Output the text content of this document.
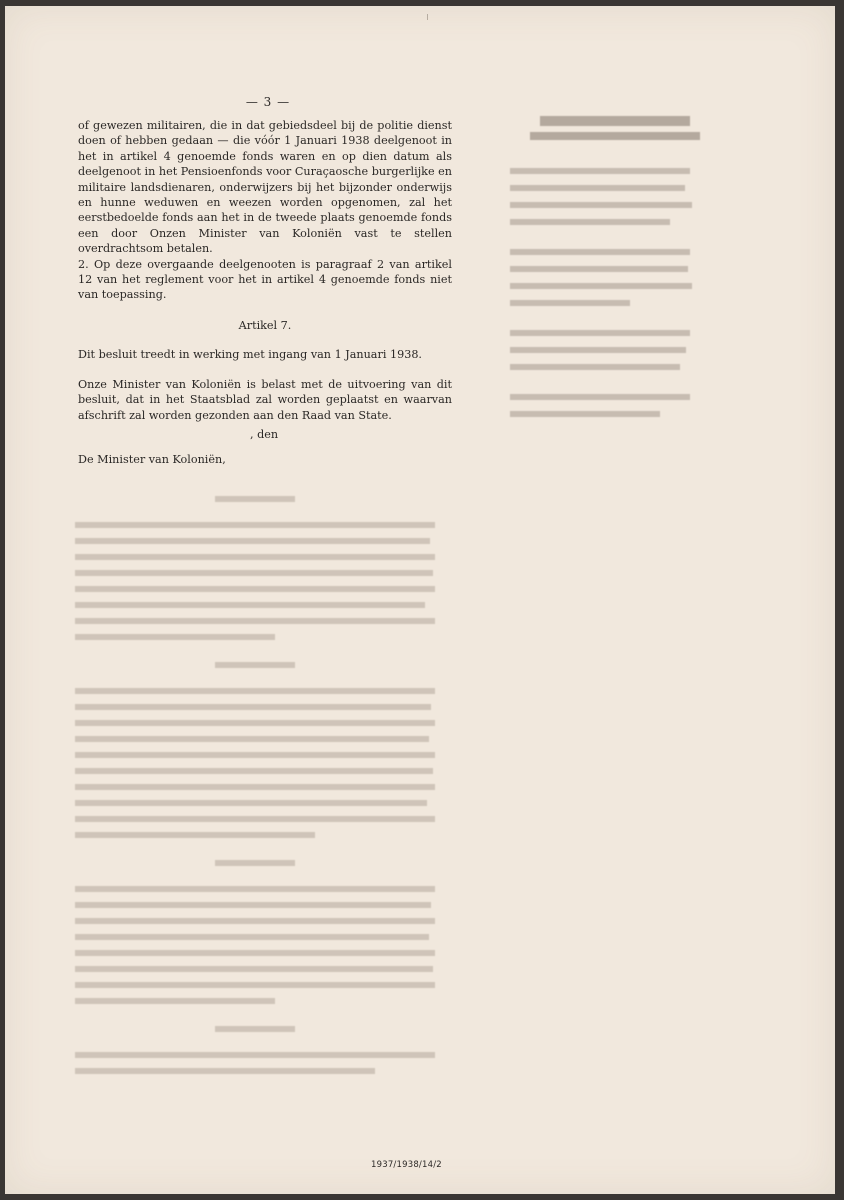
— 3 —

of gewezen militairen, die in dat gebiedsdeel bij de politie dienst doen of hebben gedaan — die vóór 1 Januari 1938 deelgenoot in het in artikel 4 genoemde fonds waren en op dien datum als deelgenoot in het Pensioenfonds voor Curaçaosche burgerlijke en militaire landsdienaren, onderwijzers bij het bijzonder onderwijs en hunne weduwen en weezen worden opgenomen, zal het eerstbedoelde fonds aan het in de tweede plaats genoemde fonds een door Onzen Minister van Koloniën vast te stellen overdrachtsom betalen.

2. Op deze overgaande deelgenooten is paragraaf 2 van artikel 12 van het reglement voor het in artikel 4 genoemde fonds niet van toepassing.

Artikel 7.

Dit besluit treedt in werking met ingang van 1 Januari 1938.

Onze Minister van Koloniën is belast met de uitvoering van dit besluit, dat in het Staatsblad zal worden geplaatst en waarvan afschrift zal worden gezonden aan den Raad van State.

, den

De Minister van Koloniën,

1937/1938/14/2
